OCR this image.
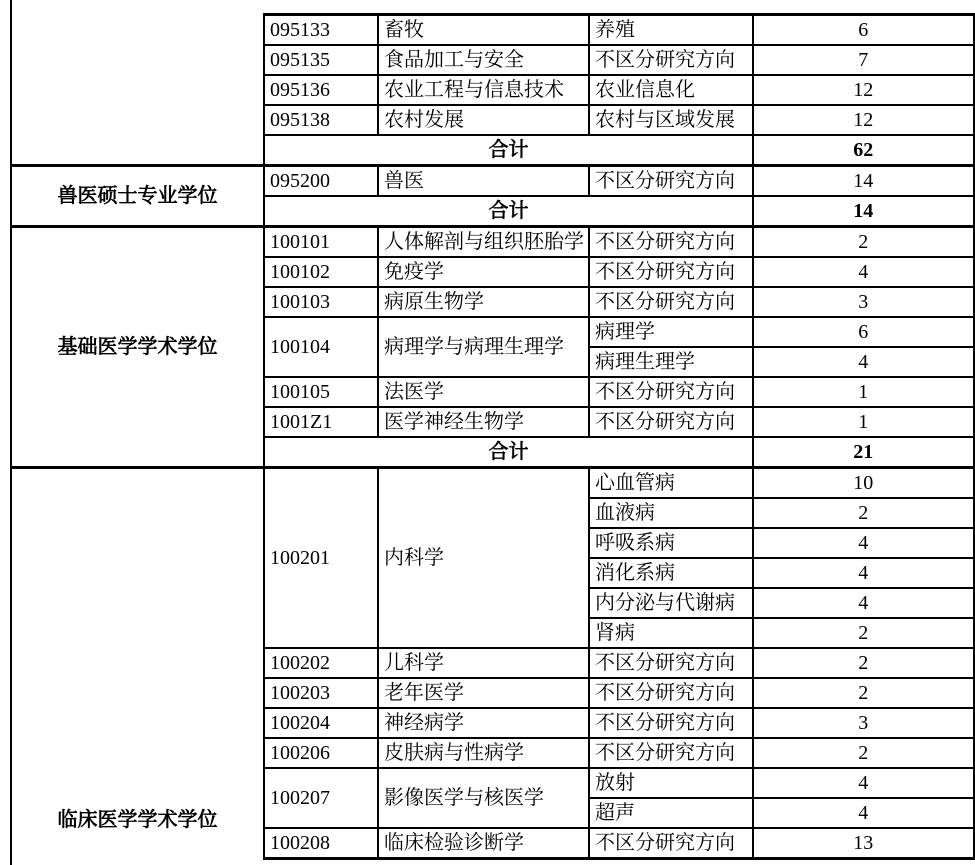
	095133	畜牧	养殖	6
	095135	食品加工与安全	不区分研究方向	7
	095136	农业工程与信息技术	农业信息化	12
	095138	农村发展	农村与区域发展	12
	合计			62
兽医硕士专业学位	095200	兽医	不区分研究方向	14
	合计			14
基础医学学术学位	100101	人体解剖与组织胚胎学	不区分研究方向	2
	100102	免疫学	不区分研究方向	4
	100103	病原生物学	不区分研究方向	3
	100104	病理学与病理生理学	病理学	6
			病理生理学	4
	100105	法医学	不区分研究方向	1
	1001Z1	医学神经生物学	不区分研究方向	1
	合计			21
临床医学学术学位	100201	内科学	心血管病	10
			血液病	2
			呼吸系病	4
			消化系病	4
			内分泌与代谢病	4
			肾病	2
	100202	儿科学	不区分研究方向	2
	100203	老年医学	不区分研究方向	2
	100204	神经病学	不区分研究方向	3
	100206	皮肤病与性病学	不区分研究方向	2
	100207	影像医学与核医学	放射	4
			超声	4
	100208	临床检验诊断学	不区分研究方向	13
